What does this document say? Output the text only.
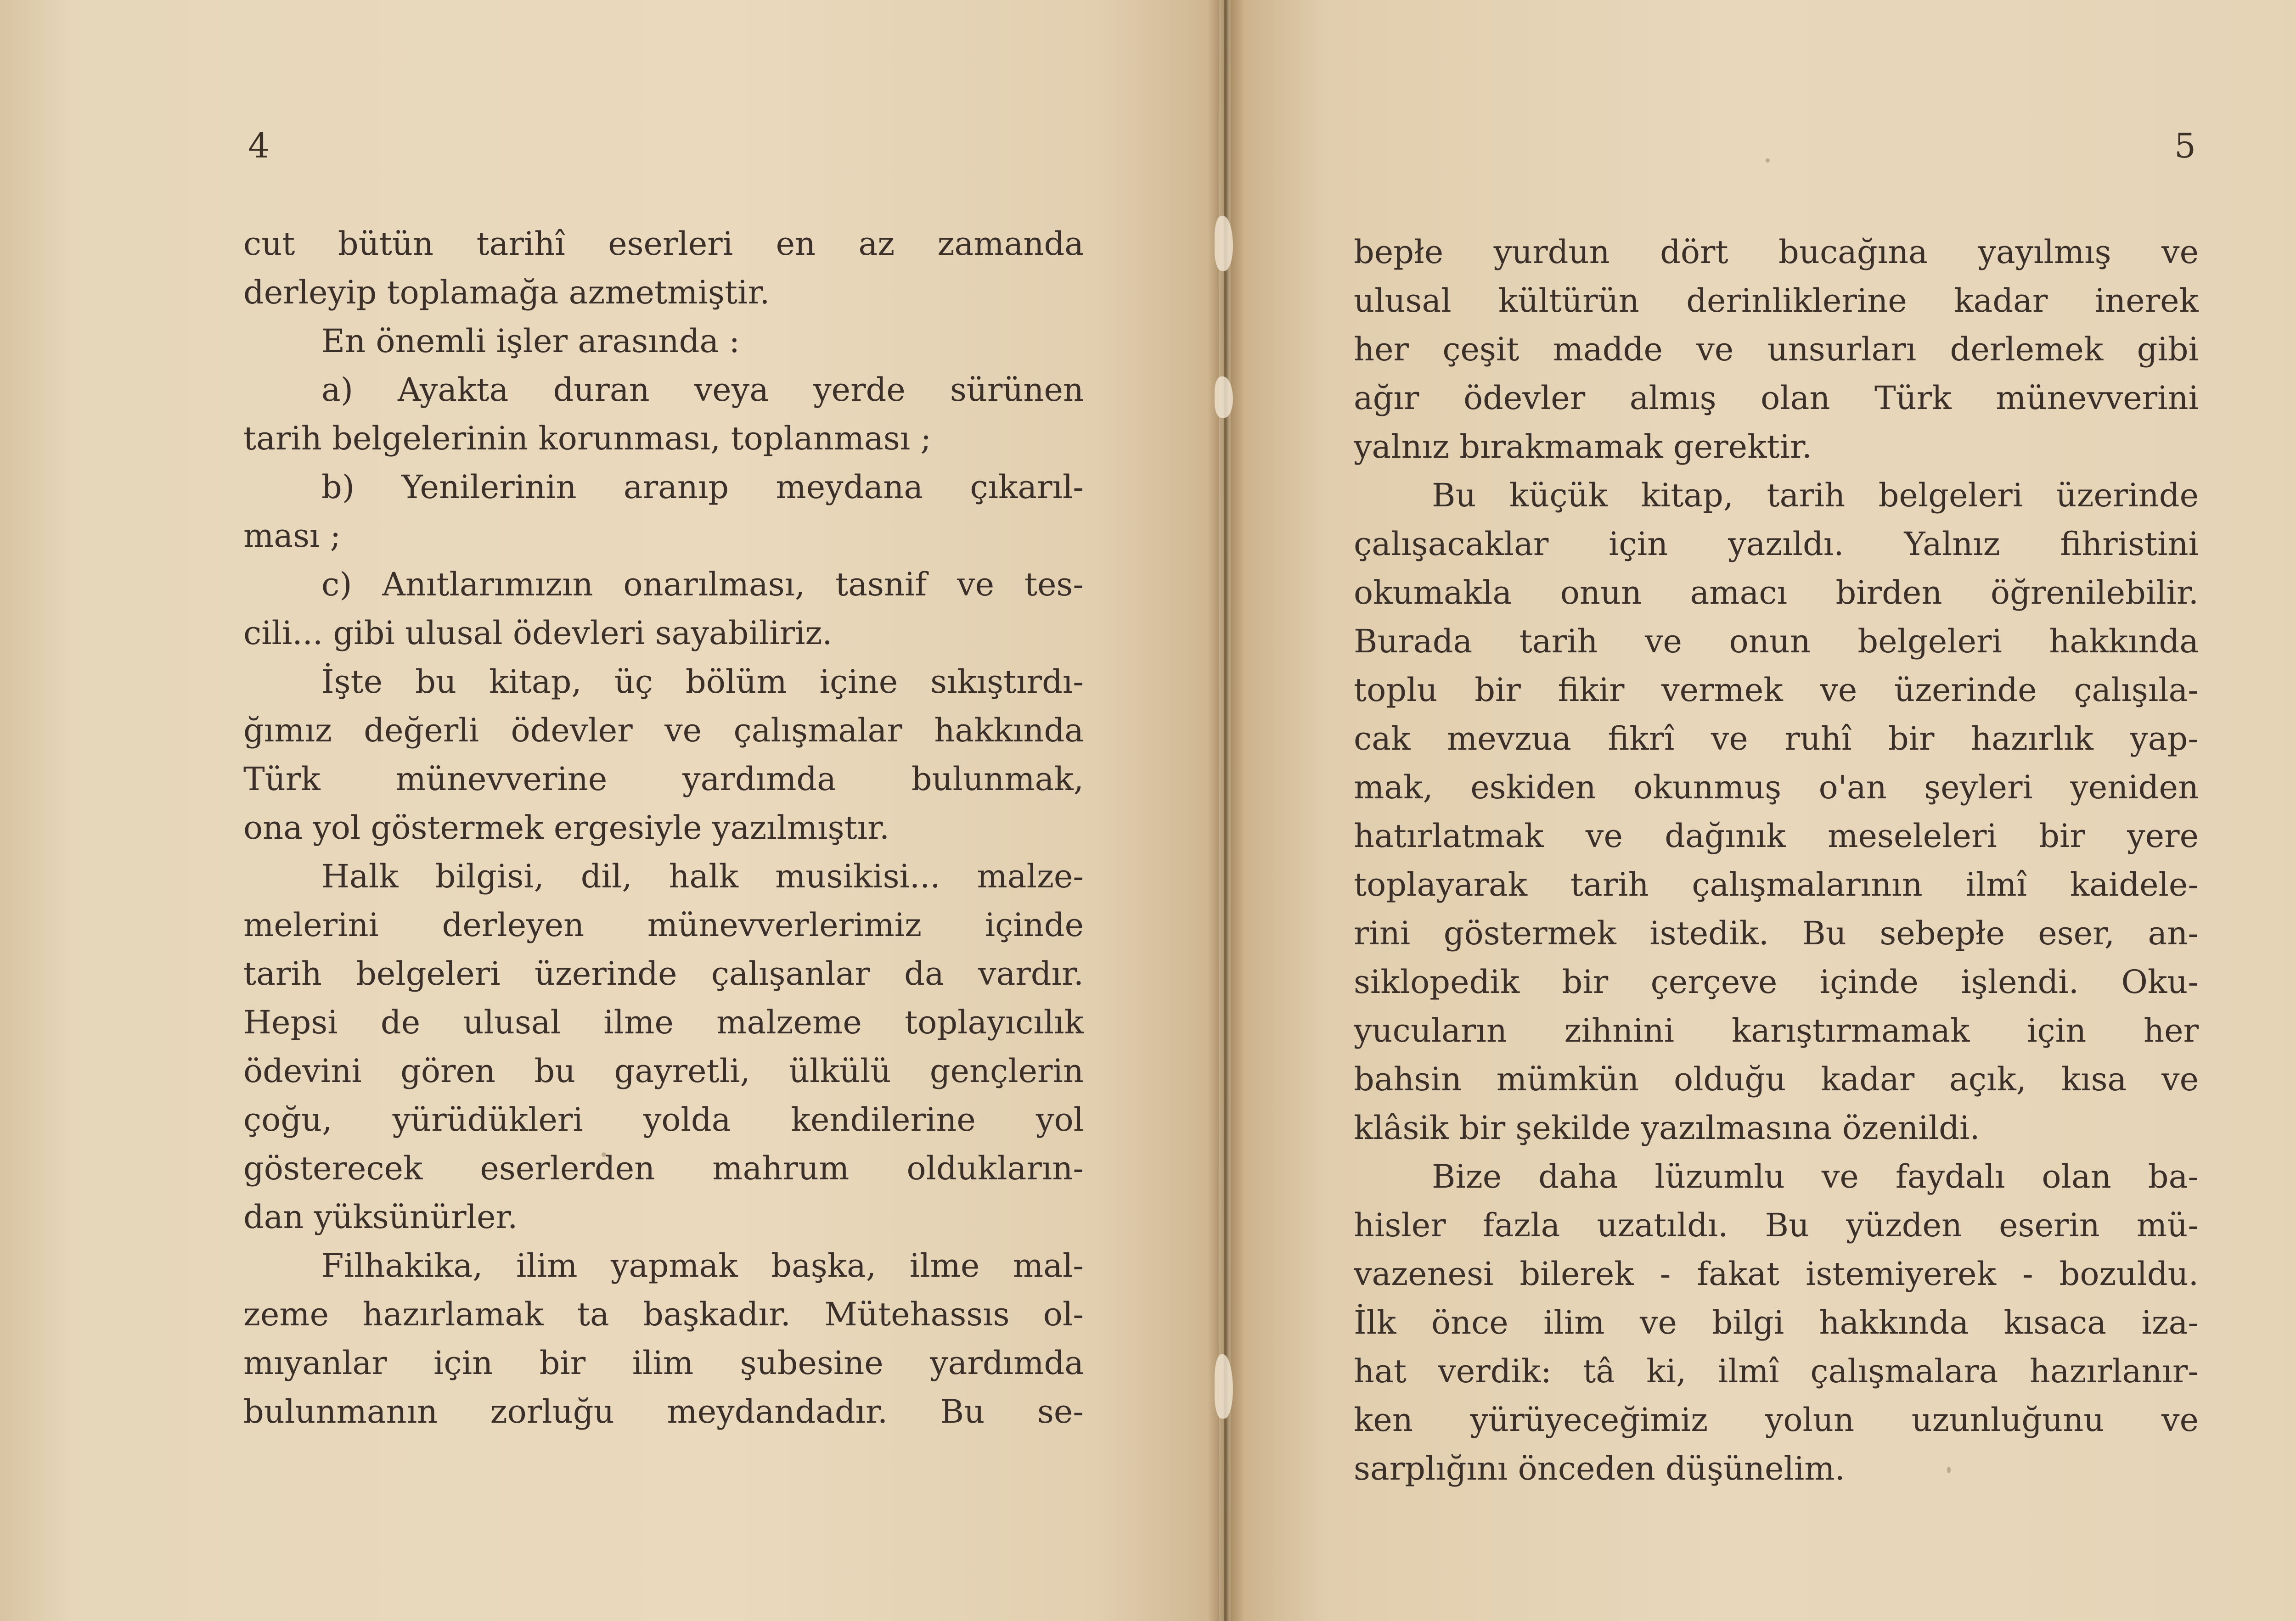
4	5
cut bütün tarihî eserleri en az zamanda
derleyip toplamağa azmetmiştir.
En önemli işler arasında :
a) Ayakta duran veya yerde sürünen
tarih belgelerinin korunması, toplanması ;
b) Yenilerinin aranıp meydana çıkarıl-
ması ;
c) Anıtlarımızın onarılması, tasnif ve tes-
cili... gibi ulusal ödevleri sayabiliriz.
İşte bu kitap, üç bölüm içine sıkıştırdı-
ğımız değerli ödevler ve çalışmalar hakkında
Türk münevverine yardımda bulunmak,
ona yol göstermek ergesiyle yazılmıştır.
Halk bilgisi, dil, halk musikisi... malze-
melerini derleyen münevverlerimiz içinde
tarih belgeleri üzerinde çalışanlar da vardır.
Hepsi de ulusal ilme malzeme toplayıcılık
ödevini gören bu gayretli, ülkülü gençlerin
çoğu, yürüdükleri yolda kendilerine yol
gösterecek eserlerden mahrum oldukların-
dan yüksünürler.
Filhakika, ilim yapmak başka, ilme mal-
zeme hazırlamak ta başkadır. Mütehassıs ol-
mıyanlar için bir ilim şubesine yardımda
bulunmanın zorluğu meydandadır. Bu se-
bepłe yurdun dört bucağına yayılmış ve
ulusal kültürün derinliklerine kadar inerek
her çeşit madde ve unsurları derlemek gibi
ağır ödevler almış olan Türk münevverini
yalnız bırakmamak gerektir.
Bu küçük kitap, tarih belgeleri üzerinde
çalışacaklar için yazıldı. Yalnız fihristini
okumakla onun amacı birden öğrenilebilir.
Burada tarih ve onun belgeleri hakkında
toplu bir fikir vermek ve üzerinde çalışıla-
cak mevzua fikrî ve ruhî bir hazırlık yap-
mak, eskiden okunmuş o'an şeyleri yeniden
hatırlatmak ve dağınık meseleleri bir yere
toplayarak tarih çalışmalarının ilmî kaidele-
rini göstermek istedik. Bu sebepłe eser, an-
siklopedik bir çerçeve içinde işlendi. Oku-
yucuların zihnini karıştırmamak için her
bahsin mümkün olduğu kadar açık, kısa ve
klâsik bir şekilde yazılmasına özenildi.
Bize daha lüzumlu ve faydalı olan ba-
hisler fazla uzatıldı. Bu yüzden eserin mü-
vazenesi bilerek - fakat istemiyerek - bozuldu.
İlk önce ilim ve bilgi hakkında kısaca iza-
hat verdik: tâ ki, ilmî çalışmalara hazırlanır-
ken yürüyeceğimiz yolun uzunluğunu ve
sarplığını önceden düşünelim.
